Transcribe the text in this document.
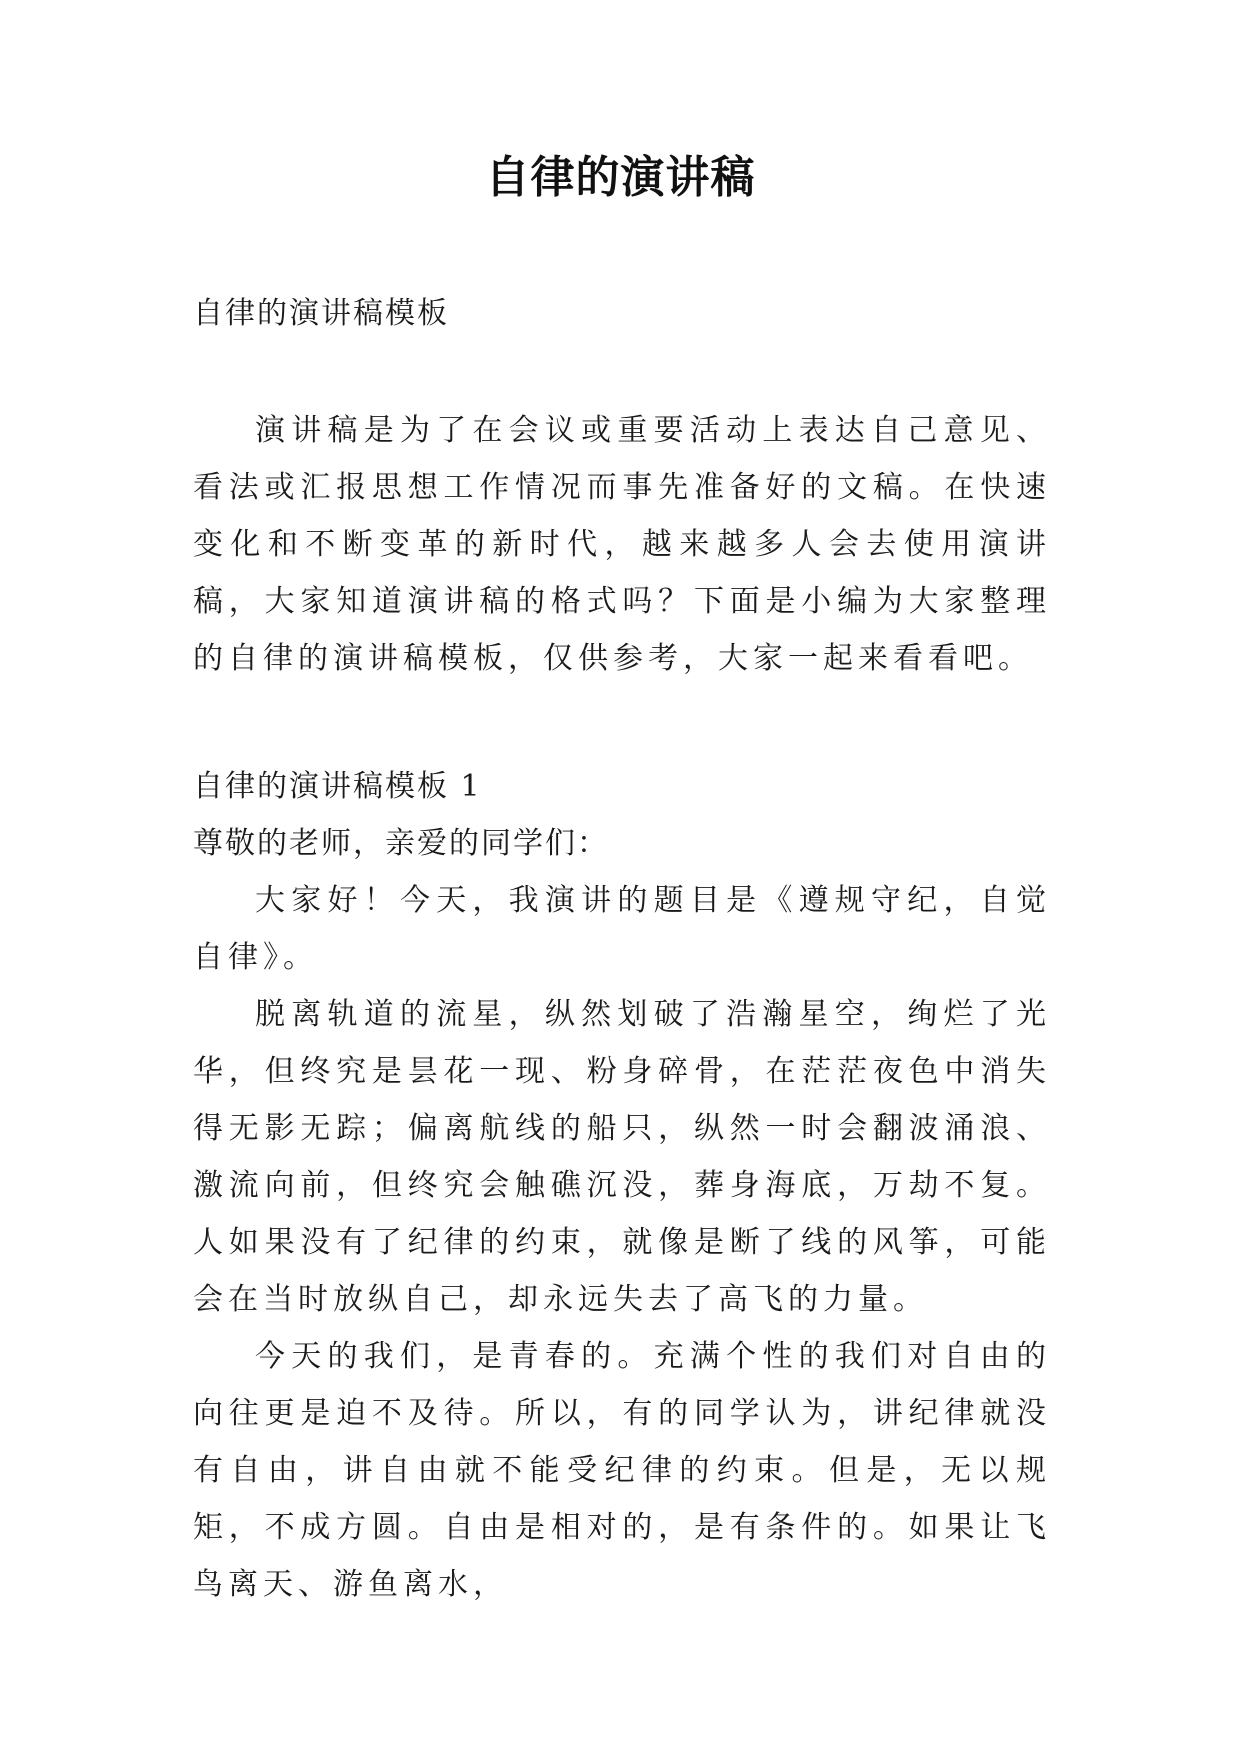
自律的演讲稿
自律的演讲稿模板

演讲稿是为了在会议或重要活动上表达自己意见、看法或汇报思想工作情况而事先准备好的文稿。在快速变化和不断变革的新时代，越来越多人会去使用演讲稿，大家知道演讲稿的格式吗？下面是小编为大家整理的自律的演讲稿模板，仅供参考，大家一起来看看吧。

自律的演讲稿模板 1

尊敬的老师，亲爱的同学们：

大家好！今天，我演讲的题目是《遵规守纪，自觉自律》。

脱离轨道的流星，纵然划破了浩瀚星空，绚烂了光华，但终究是昙花一现、粉身碎骨，在茫茫夜色中消失得无影无踪；偏离航线的船只，纵然一时会翻波涌浪、激流向前，但终究会触礁沉没，葬身海底，万劫不复。人如果没有了纪律的约束，就像是断了线的风筝，可能会在当时放纵自己，却永远失去了高飞的力量。

今天的我们，是青春的。充满个性的我们对自由的向往更是迫不及待。所以，有的同学认为，讲纪律就没有自由，讲自由就不能受纪律的约束。但是，无以规矩，不成方圆。自由是相对的，是有条件的。如果让飞鸟离天、游鱼离水，
